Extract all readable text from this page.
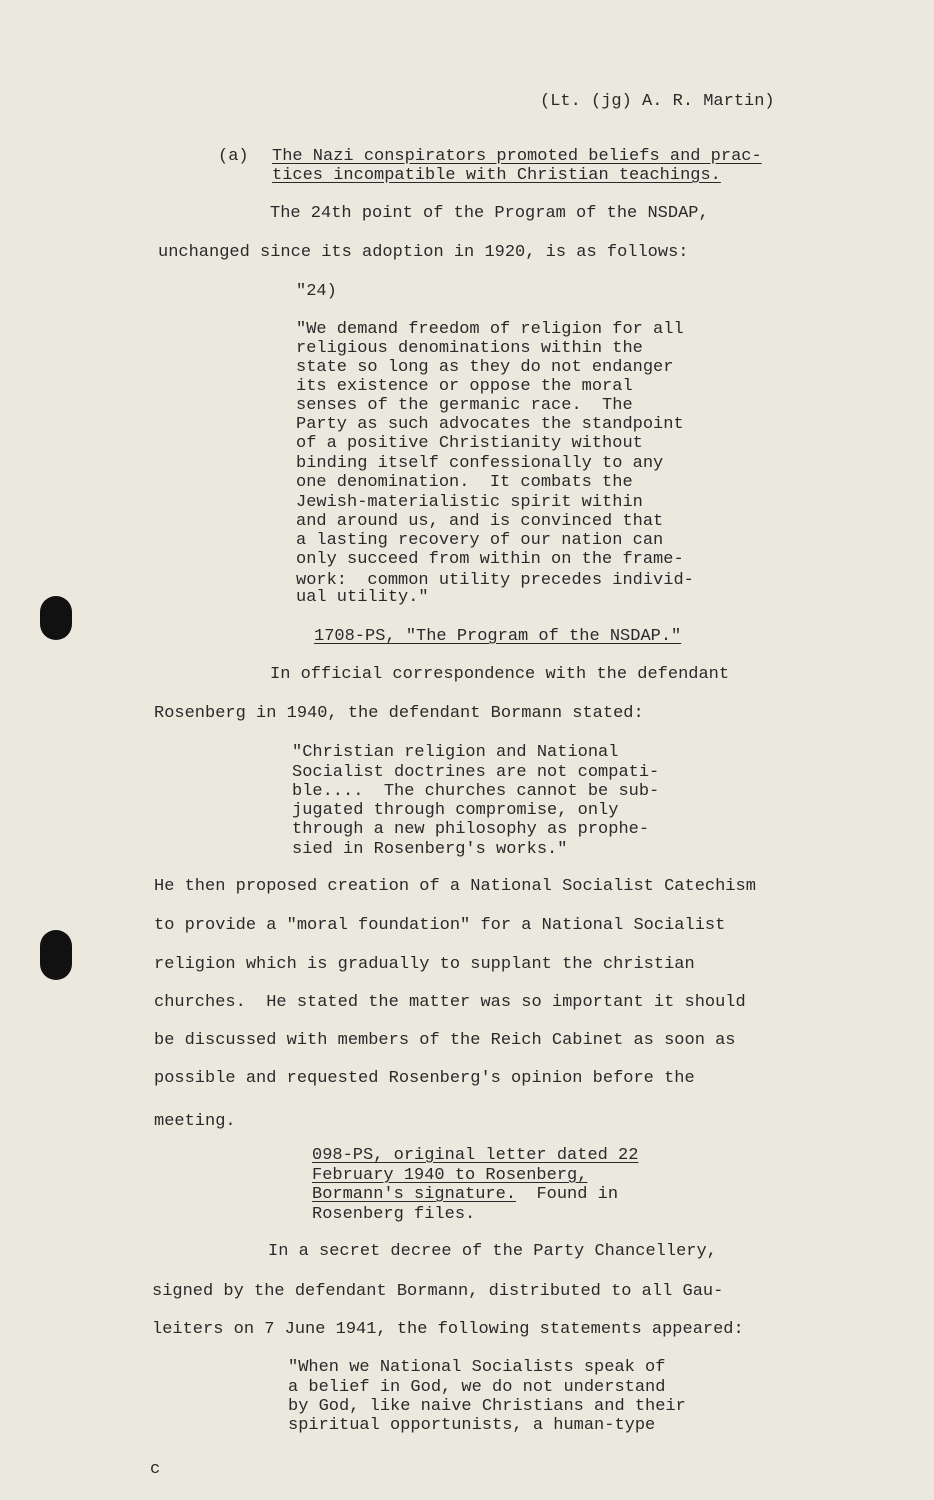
(Lt. (jg) A. R. Martin)
(a) The Nazi conspirators promoted beliefs and prac-
tices incompatible with Christian teachings.
The 24th point of the Program of the NSDAP,
unchanged since its adoption in 1920, is as follows:
"24)
"We demand freedom of religion for all
religious denominations within the
state so long as they do not endanger
its existence or oppose the moral
senses of the germanic race.  The
Party as such advocates the standpoint
of a positive Christianity without
binding itself confessionally to any
one denomination.  It combats the
Jewish-materialistic spirit within
and around us, and is convinced that
a lasting recovery of our nation can
only succeed from within on the frame-
work:  common utility precedes individ-
ual utility."
1708-PS, "The Program of the NSDAP."
In official correspondence with the defendant
Rosenberg in 1940, the defendant Bormann stated:
"Christian religion and National
Socialist doctrines are not compati-
ble....  The churches cannot be sub-
jugated through compromise, only
through a new philosophy as prophe-
sied in Rosenberg's works."
He then proposed creation of a National Socialist Catechism
to provide a "moral foundation" for a National Socialist
religion which is gradually to supplant the christian
churches.  He stated the matter was so important it should
be discussed with members of the Reich Cabinet as soon as
possible and requested Rosenberg's opinion before the
meeting.
098-PS, original letter dated 22
February 1940 to Rosenberg,
Bormann's signature.  Found in
Rosenberg files.
In a secret decree of the Party Chancellery,
signed by the defendant Bormann, distributed to all Gau-
leiters on 7 June 1941, the following statements appeared:
"When we National Socialists speak of
a belief in God, we do not understand
by God, like naive Christians and their
spiritual opportunists, a human-type
c
